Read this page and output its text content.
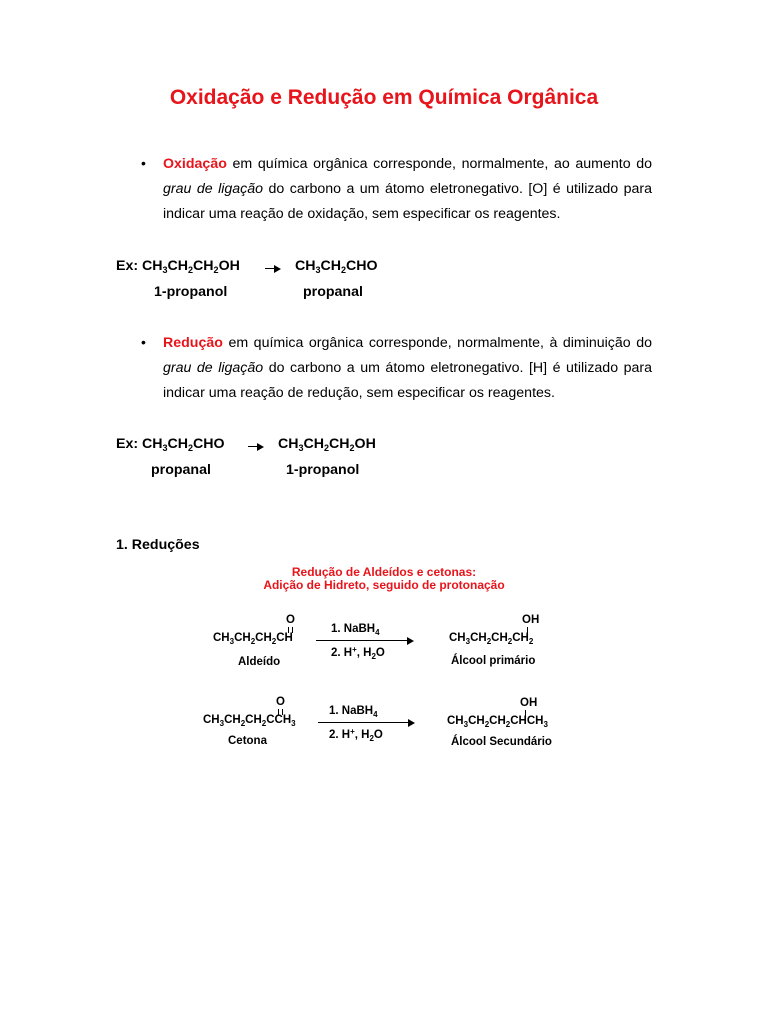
Oxidação e Redução em Química Orgânica
• Oxidação em química orgânica corresponde, normalmente, ao aumento do grau de ligação do carbono a um átomo eletronegativo. [O] é utilizado para indicar uma reação de oxidação, sem especificar os reagentes.
Ex: $CH_3CH_2CH_2OH$	$CH_3CH_2CHO$
1-propanol	propanal
• Redução em química orgânica corresponde, normalmente, à diminuição do grau de ligação do carbono a um átomo eletronegativo. [H] é utilizado para indicar uma reação de redução, sem especificar os reagentes.
Ex: $CH_3CH_2CHO$	$CH_3CH_2CH_2OH$
propanal	1-propanol
1. Reduções
Redução de Aldeídos e cetonas:
Adição de Hidreto, seguido de protonação
O
$CH_3CH_2CH_2CH$
Aldeído
1. NaBH$_4$
2. H+, $H_2O$
OH
$CH_3CH_2CH_2CH_2$
Álcool primário
O
$CH_3CH_2CH_2CCH_3$
Cetona
1. NaBH$_4$
2. H+, $H_2O$
OH
$CH_3CH_2CH_2CHCH_3$
Álcool Secundário
